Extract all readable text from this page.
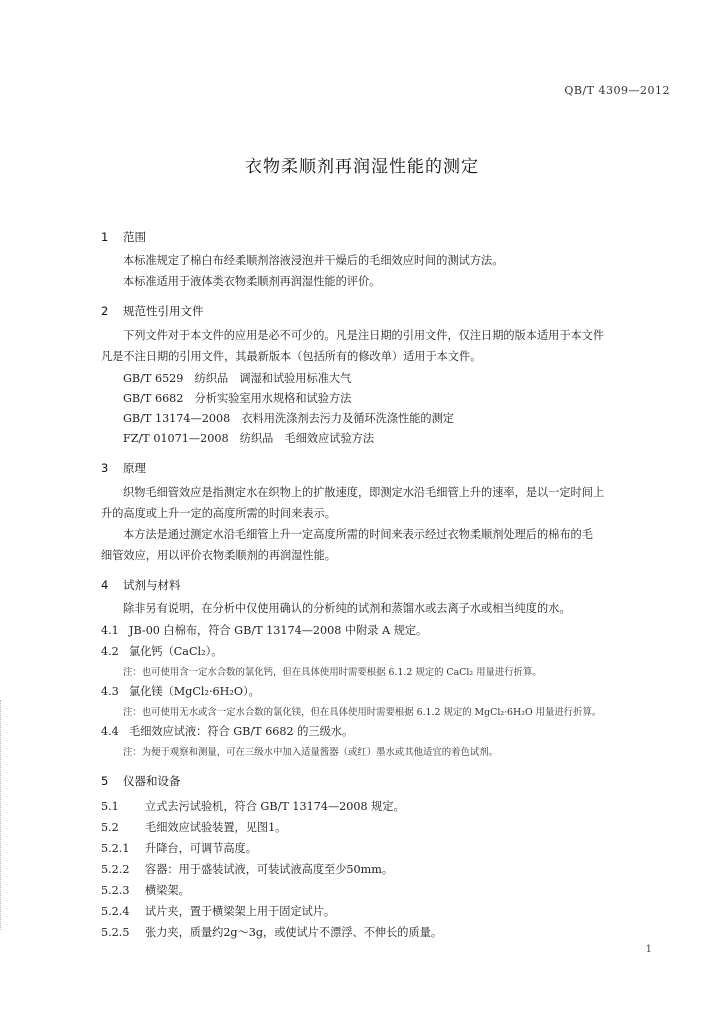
QB/T 4309—2012
衣物柔顺剂再润湿性能的测定
1 范围
本标准规定了棉白布经柔顺剂溶液浸泡并干燥后的毛细效应时间的测试方法。
本标准适用于液体类衣物柔顺剂再润湿性能的评价。
2 规范性引用文件
下列文件对于本文件的应用是必不可少的。凡是注日期的引用文件，仅注日期的版本适用于本文件
凡是不注日期的引用文件，其最新版本（包括所有的修改单）适用于本文件。
GB/T 6529　 纺织品　调湿和试验用标准大气
GB/T 6682　 分析实验室用水规格和试验方法
GB/T 13174—2008　 衣料用洗涤剂去污力及循环洗涤性能的测定
FZ/T 01071—2008　 纺织品　毛细效应试验方法
3 原理
织物毛细管效应是指测定水在织物上的扩散速度，即测定水沿毛细管上升的速率，是以一定时间上
升的高度或上升一定的高度所需的时间来表示。
本方法是通过测定水沿毛细管上升一定高度所需的时间来表示经过衣物柔顺剂处理后的棉布的毛
细管效应，用以评价衣物柔顺剂的再润湿性能。
4 试剂与材料
除非另有说明，在分析中仅使用确认的分析纯的试剂和蒸馏水或去离子水或相当纯度的水。
4.1 JB-00 白棉布，符合 GB/T 13174—2008 中附录 A 规定。
4.2 氯化钙（CaCl₂）。
注：也可使用含一定水合数的氯化钙，但在具体使用时需要根据 6.1.2 规定的 CaCl₂ 用量进行折算。
4.3 氯化镁（MgCl₂·6H₂O）。
注：也可使用无水或含一定水合数的氯化镁，但在具体使用时需要根据 6.1.2 规定的 MgCl₂·6H₂O 用量进行折算。
4.4 毛细效应试液：符合 GB/T 6682 的三级水。
注：为便于观察和测量，可在三级水中加入适量酱器（或红）墨水或其他适宜的着色试剂。
5 仪器和设备
5.1 立式去污试验机，符合 GB/T 13174—2008 规定。
5.2 毛细效应试验装置，见图1。
5.2.1 升降台，可调节高度。
5.2.2 容器：用于盛装试液，可装试液高度至少50mm。
5.2.3 横梁架。
5.2.4 试片夹，置于横梁架上用于固定试片。
5.2.5 张力夹，质量约2g～3g，或使试片不漂浮、不伸长的质量。
1
